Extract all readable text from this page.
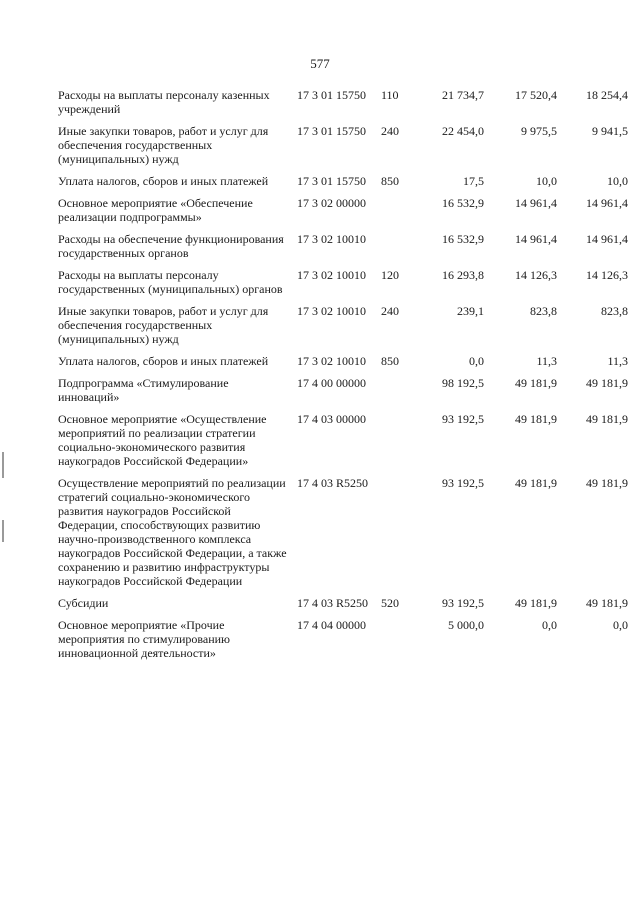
577
Расходы на выплаты персоналу казенных учреждений	17 3 01 15750	110	21 734,7	17 520,4	18 254,4
Иные закупки товаров, работ и услуг для обеспечения государственных (муниципальных) нужд	17 3 01 15750	240	22 454,0	9 975,5	9 941,5
Уплата налогов, сборов и иных платежей	17 3 01 15750	850	17,5	10,0	10,0
Основное мероприятие «Обеспечение реализации подпрограммы»	17 3 02 00000		16 532,9	14 961,4	14 961,4
Расходы на обеспечение функционирования государственных органов	17 3 02 10010		16 532,9	14 961,4	14 961,4
Расходы на выплаты персоналу государственных (муниципальных) органов	17 3 02 10010	120	16 293,8	14 126,3	14 126,3
Иные закупки товаров, работ и услуг для обеспечения государственных (муниципальных) нужд	17 3 02 10010	240	239,1	823,8	823,8
Уплата налогов, сборов и иных платежей	17 3 02 10010	850	0,0	11,3	11,3
Подпрограмма «Стимулирование инноваций»	17 4 00 00000		98 192,5	49 181,9	49 181,9
Основное мероприятие «Осуществление мероприятий по реализации стратегии социально-экономического развития наукоградов Российской Федерации»	17 4 03 00000		93 192,5	49 181,9	49 181,9
Осуществление мероприятий по реализации стратегий социально-экономического развития наукоградов Российской Федерации, способствующих развитию научно-производственного комплекса наукоградов Российской Федерации, а также сохранению и развитию инфраструктуры наукоградов Российской Федерации	17 4 03 R5250		93 192,5	49 181,9	49 181,9
Субсидии	17 4 03 R5250	520	93 192,5	49 181,9	49 181,9
Основное мероприятие «Прочие мероприятия по стимулированию инновационной деятельности»	17 4 04 00000		5 000,0	0,0	0,0
